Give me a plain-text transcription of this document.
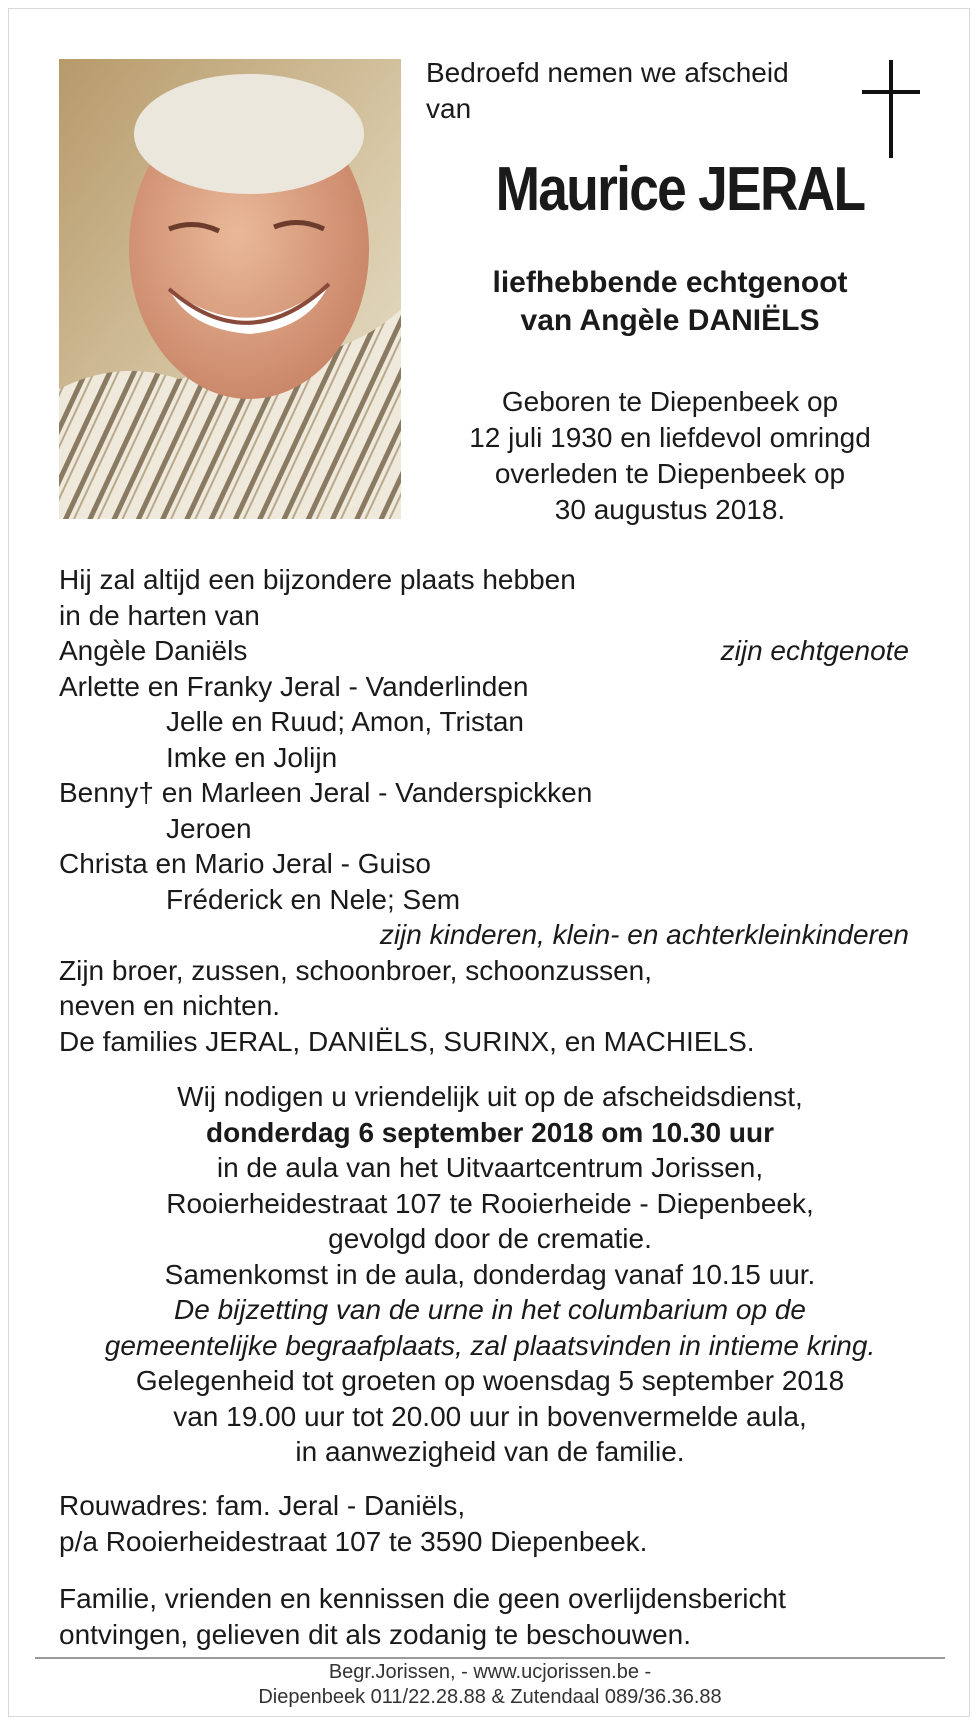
Bedroefd nemen we afscheid
van
Maurice JERAL
liefhebbende echtgenoot
van Angèle DANIËLS
Geboren te Diepenbeek op
12 juli 1930 en liefdevol omringd
overleden te Diepenbeek op
30 augustus 2018.
Hij zal altijd een bijzondere plaats hebben
in de harten van
Angèle Daniëls	zijn echtgenote
Arlette en Franky Jeral - Vanderlinden
Jelle en Ruud; Amon, Tristan
Imke en Jolijn
Benny† en Marleen Jeral - Vanderspickken
Jeroen
Christa en Mario Jeral - Guiso
Fréderick en Nele; Sem
zijn kinderen, klein- en achterkleinkinderen
Zijn broer, zussen, schoonbroer, schoonzussen,
neven en nichten.
De families JERAL, DANIËLS, SURINX, en MACHIELS.
Wij nodigen u vriendelijk uit op de afscheidsdienst,
donderdag 6 september 2018 om 10.30 uur
in de aula van het Uitvaartcentrum Jorissen,
Rooierheidestraat 107 te Rooierheide - Diepenbeek,
gevolgd door de crematie.
Samenkomst in de aula, donderdag vanaf 10.15 uur.
De bijzetting van de urne in het columbarium op de
gemeentelijke begraafplaats, zal plaatsvinden in intieme kring.
Gelegenheid tot groeten op woensdag 5 september 2018
van 19.00 uur tot 20.00 uur in bovenvermelde aula,
in aanwezigheid van de familie.
Rouwadres: fam. Jeral - Daniëls,
p/a Rooierheidestraat 107 te 3590 Diepenbeek.
Familie, vrienden en kennissen die geen overlijdensbericht
ontvingen, gelieven dit als zodanig te beschouwen.
Begr.Jorissen, - www.ucjorissen.be -
Diepenbeek 011/22.28.88 & Zutendaal 089/36.36.88
